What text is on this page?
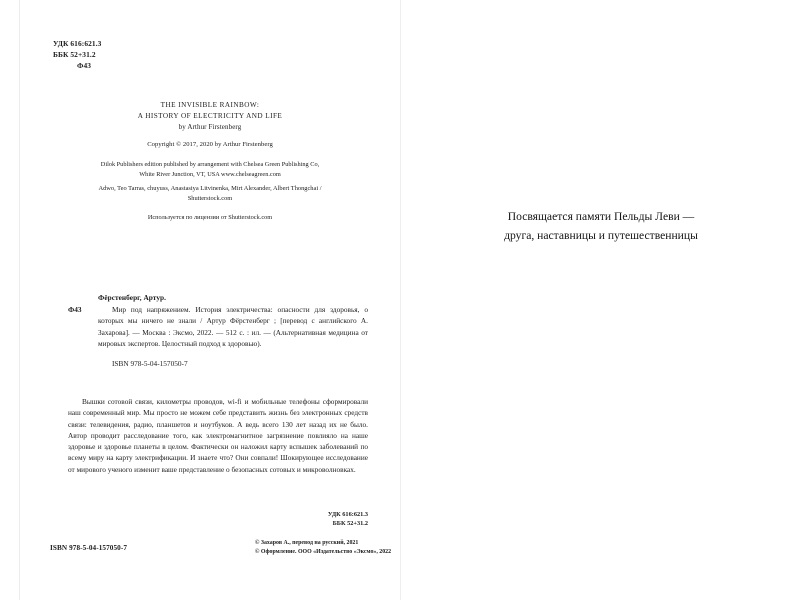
УДК 616:621.3
ББК 52+31.2
Ф43
THE INVISIBLE RAINBOW:
A HISTORY OF ELECTRICITY AND LIFE
by Arthur Firstenberg
Copyright © 2017, 2020 by Arthur Firstenberg
Dilok Publishers edition published by arrangement with Chelsea Green Publishing Co,
White River Junction, VT, USA www.chelseagreen.com
Adwo, Teo Tarras, chuyuss, Anastasiya Litvinenka, Mirt Alexander, Albert Thongchai /
Shutterstock.com
Используется по лицензии от Shutterstock.com
Фёрстенберг, Артур.
Ф43	Мир под напряжением. История электричества: опасности для здоровья, о которых мы ничего не знали / Артур Фёрстенберг ; [перевод с английского А. Захарова]. — Москва : Эксмо, 2022. — 512 с. : ил. — (Альтернативная медицина от мировых экспертов. Целостный подход к здоровью).
ISBN 978-5-04-157050-7
Вышки сотовой связи, километры проводов, wi-fi и мобильные телефоны сформировали наш современный мир. Мы просто не можем себе представить жизнь без электронных средств связи: телевидения, радио, планшетов и ноутбуков. А ведь всего 130 лет назад их не было. Автор проводит расследование того, как электромагнитное загрязнение повлияло на наше здоровье и здоровье планеты в целом. Фактически он наложил карту вспышек заболеваний по всему миру на карту электрификации. И знаете что? Они совпали! Шокирующее исследование от мирового ученого изменит ваше представление о безопасных сотовых и микроволновках.
УДК 616:621.3
ББК 52+31.2
ISBN 978-5-04-157050-7
© Захаров А., перевод на русский, 2021
© Оформление. ООО «Издательство «Эксмо», 2022
Посвящается памяти Пельды Леви —
друга, наставницы и путешественницы
